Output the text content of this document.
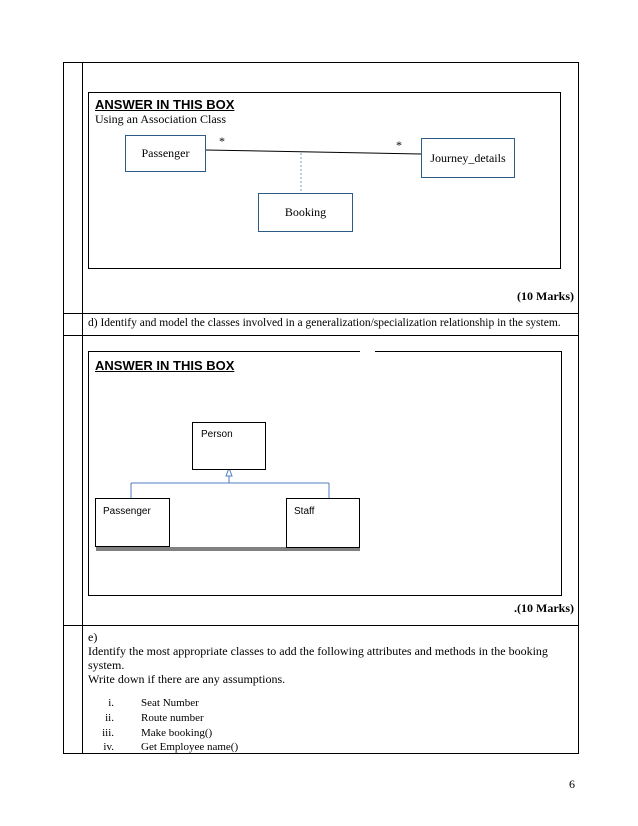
ANSWER IN THIS BOX
Using an Association Class
Passenger	Journey_details
Booking
*	*
(10 Marks)
d) Identify and model the classes involved in a generalization/specialization relationship in the system.
ANSWER IN THIS BOX
Person
Passenger	Staff
.(10 Marks)
e)
Identify the most appropriate classes to add the following attributes and methods in the booking
system.
Write down if there are any assumptions.
i. Seat Number
ii. Route number
iii. Make booking()
iv. Get Employee name()
6
